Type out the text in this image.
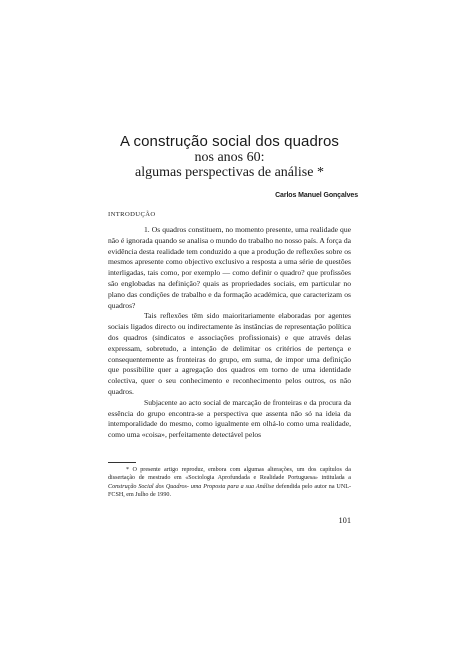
A construção social dos quadros
nos anos 60:
algumas perspectivas de análise *
Carlos Manuel Gonçalves
INTRODUÇÃO

1. Os quadros constituem, no momento presente, uma realidade que não é ignorada quando se analisa o mundo do trabalho no nosso país. A força da evidência desta realidade tem conduzido a que a produção de reflexões sobre os mesmos apresente como objectivo exclusivo a resposta a uma série de questões interligadas, tais como, por exemplo — como definir o quadro? que profissões são englobadas na definição? quais as propriedades sociais, em particular no plano das condições de trabalho e da formação académica, que caracterizam os quadros?

Tais reflexões têm sido maioritariamente elaboradas por agentes sociais ligados directo ou indirectamente às instâncias de representação política dos quadros (sindicatos e associações profissionais) e que através delas expressam, sobretudo, a intenção de delimitar os critérios de pertença e consequentemente as fronteiras do grupo, em suma, de impor uma definição que possibilite quer a agregação dos quadros em torno de uma identidade colectiva, quer o seu conhecimento e reconhecimento pelos outros, os não quadros.

Subjacente ao acto social de marcação de fronteiras e da procura da essência do grupo encontra-se a perspectiva que assenta não só na ideia da intemporalidade do mesmo, como igualmente em olhá-lo como uma realidade, como uma «coisa», perfeitamente detectável pelos

* O presente artigo reproduz, embora com algumas alterações, um dos capítulos da dissertação de mestrado em «Sociologia Aprofundada e Realidade Portuguesa» intitulada a Construção Social dos Quadros- uma Proposta para a sua Análise defendida pelo autor na UNL-FCSH, em Julho de 1990.

101
